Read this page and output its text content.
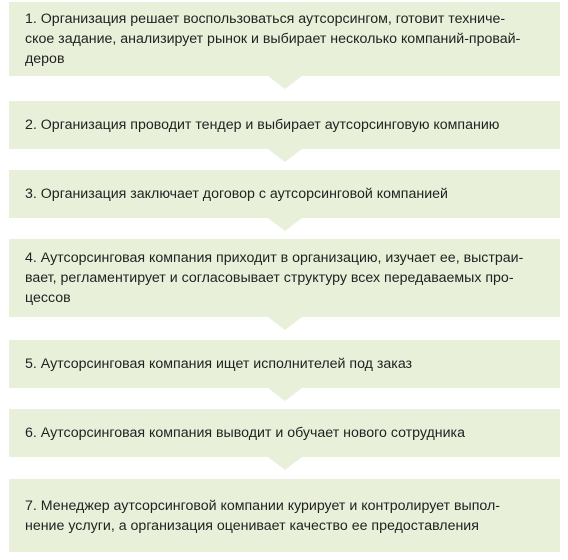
1. Организация решает воспользоваться аутсорсингом, готовит техниче-
ское задание, анализирует рынок и выбирает несколько компаний-провай-
деров
2. Организация проводит тендер и выбирает аутсорсинговую компанию
3. Организация заключает договор с аутсорсинговой компанией
4. Аутсорсинговая компания приходит в организацию, изучает ее, выстраи-
вает, регламентирует и согласовывает структуру всех передаваемых про-
цессов
5. Аутсорсинговая компания ищет исполнителей под заказ
6. Аутсорсинговая компания выводит и обучает нового сотрудника
7. Менеджер аутсорсинговой компании курирует и контролирует выпол-
нение услуги, а организация оценивает качество ее предоставления
